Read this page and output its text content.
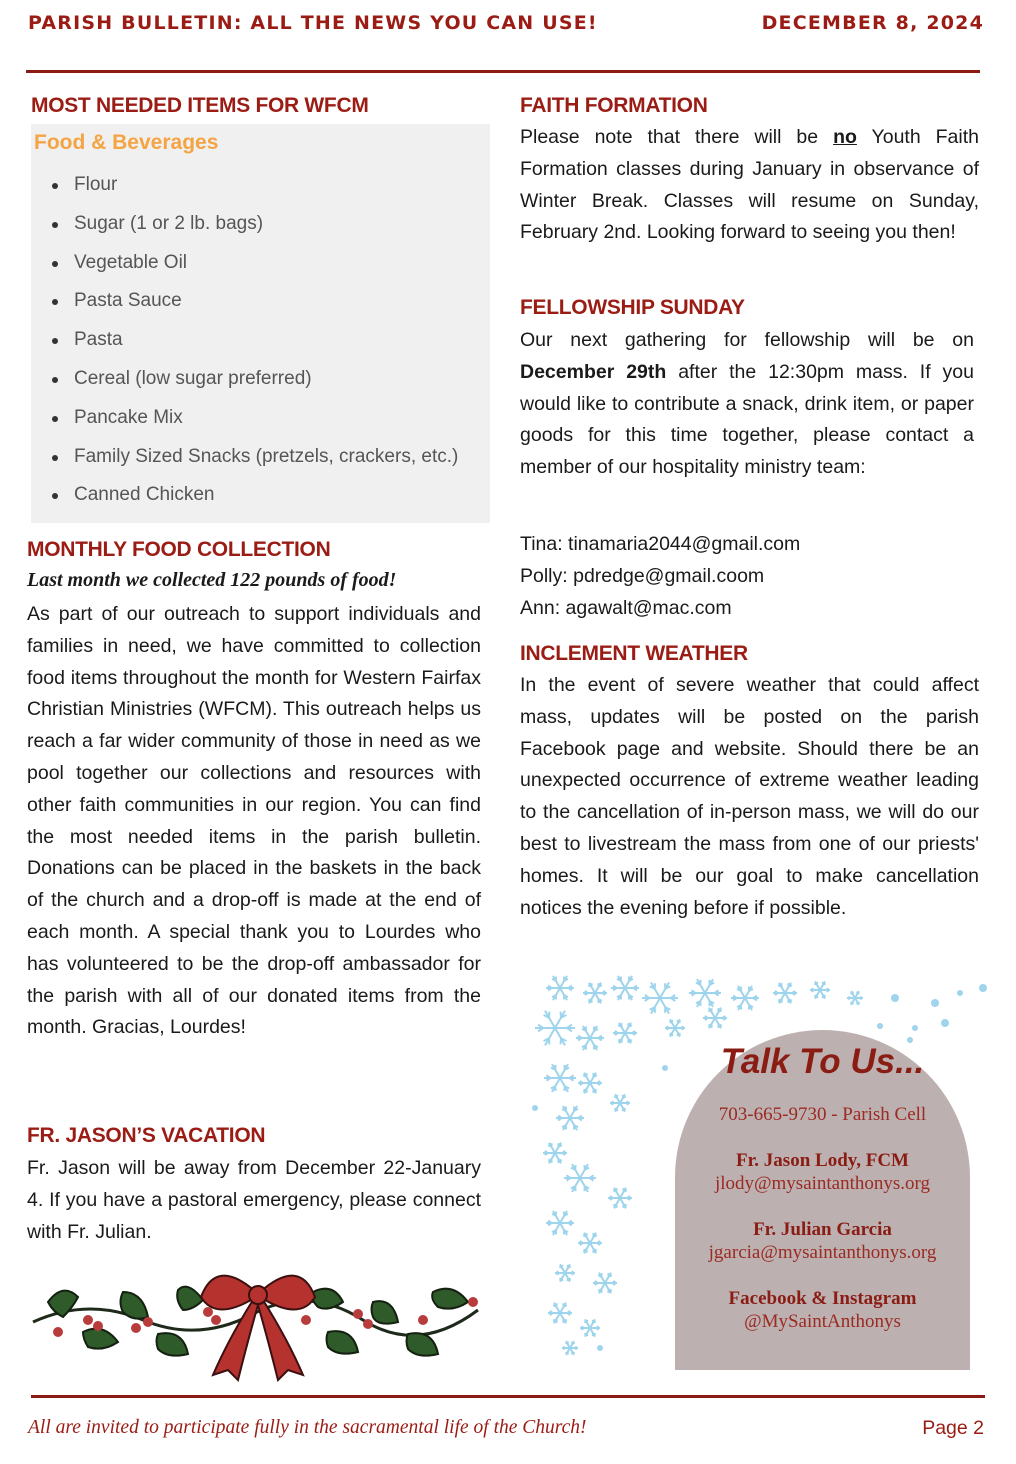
PARISH BULLETIN: ALL THE NEWS YOU CAN USE!	DECEMBER 8, 2024
MOST NEEDED ITEMS FOR WFCM
Food & Beverages
Flour
Sugar (1 or 2 lb. bags)
Vegetable Oil
Pasta Sauce
Pasta
Cereal (low sugar preferred)
Pancake Mix
Family Sized Snacks (pretzels, crackers, etc.)
Canned Chicken
MONTHLY FOOD COLLECTION
Last month we collected 122 pounds of food!
As part of our outreach to support individuals and families in need, we have committed to collection food items throughout the month for Western Fairfax Christian Ministries (WFCM). This outreach helps us reach a far wider community of those in need as we pool together our collections and resources with other faith communities in our region. You can find the most needed items in the parish bulletin. Donations can be placed in the baskets in the back of the church and a drop-off is made at the end of each month. A special thank you to Lourdes who has volunteered to be the drop-off ambassador for the parish with all of our donated items from the month. Gracias, Lourdes!
FR. JASON’S VACATION
Fr. Jason will be away from December 22-January 4. If you have a pastoral emergency, please connect with Fr. Julian.
FAITH FORMATION
Please note that there will be no Youth Faith Formation classes during January in observance of Winter Break. Classes will resume on Sunday, February 2nd. Looking forward to seeing you then!
FELLOWSHIP SUNDAY
Our next gathering for fellowship will be on December 29th after the 12:30pm mass. If you would like to contribute a snack, drink item, or paper goods for this time together, please contact a member of our hospitality ministry team:
Tina: tinamaria2044@gmail.com
Polly: pdredge@gmail.coom
Ann: agawalt@mac.com
INCLEMENT WEATHER
In the event of severe weather that could affect mass, updates will be posted on the parish Facebook page and website. Should there be an unexpected occurrence of extreme weather leading to the cancellation of in-person mass, we will do our best to livestream the mass from one of our priests' homes. It will be our goal to make cancellation notices the evening before if possible.
Talk To Us...
703-665-9730 - Parish Cell
Fr. Jason Lody, FCM
jlody@mysaintanthonys.org
Fr. Julian Garcia
jgarcia@mysaintanthonys.org
Facebook & Instagram
@MySaintAnthonys
All are invited to participate fully in the sacramental life of the Church!	Page 2
